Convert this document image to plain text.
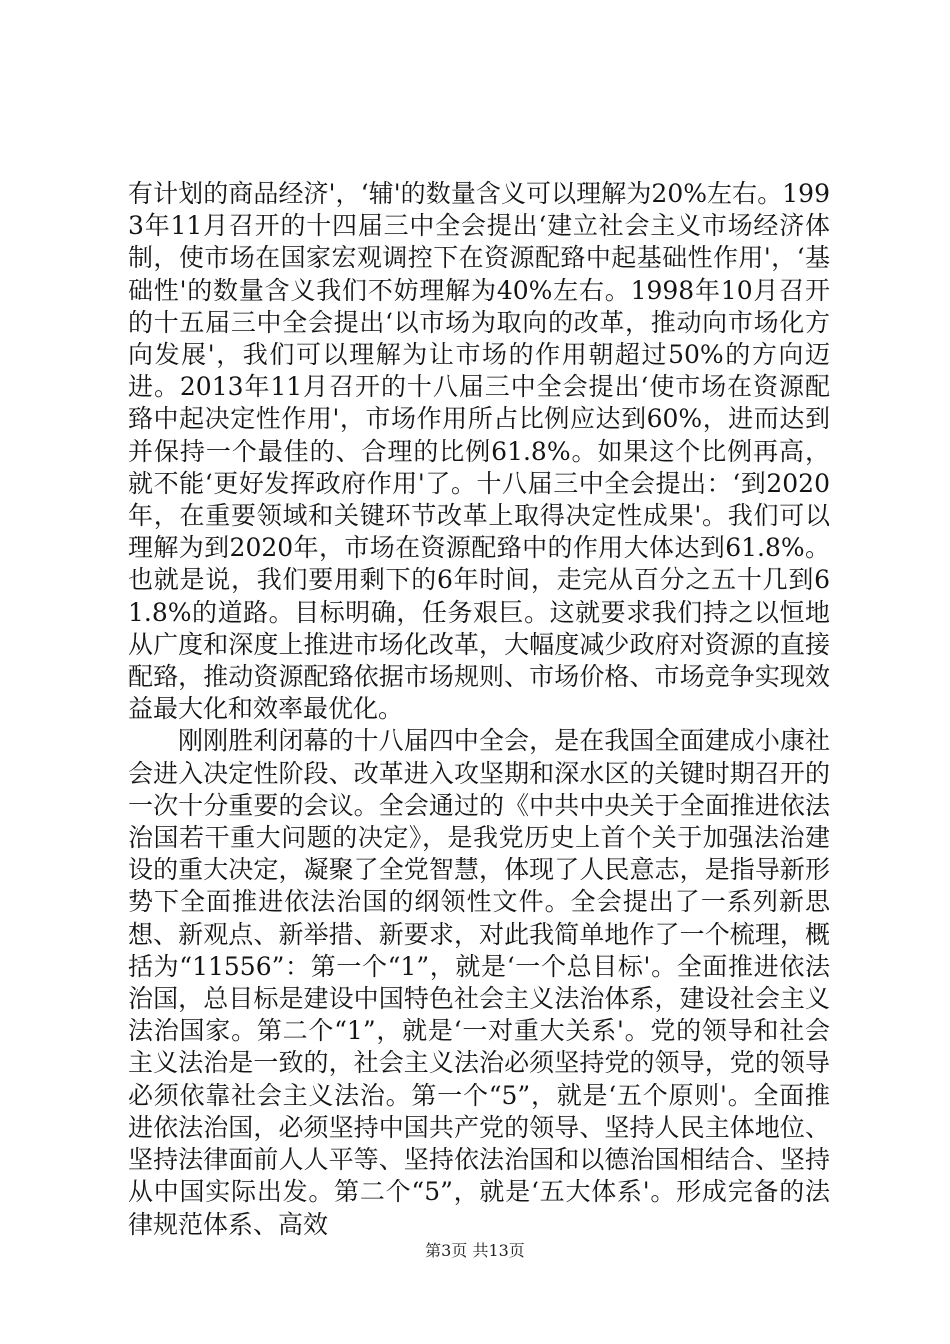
有计划的商品经济'，‘辅'的数量含义可以理解为20%左右。1993年11月召开的十四届三中全会提出‘建立社会主义市场经济体制，使市场在国家宏观调控下在资源配臵中起基础性作用'，‘基础性'的数量含义我们不妨理解为40%左右。1998年10月召开的十五届三中全会提出‘以市场为取向的改革，推动向市场化方向发展'，我们可以理解为让市场的作用朝超过50%的方向迈进。2013年11月召开的十八届三中全会提出‘使市场在资源配臵中起决定性作用'，市场作用所占比例应达到60%，进而达到并保持一个最佳的、合理的比例61.8%。如果这个比例再高，就不能‘更好发挥政府作用'了。十八届三中全会提出：‘到2020年，在重要领域和关键环节改革上取得决定性成果'。我们可以理解为到2020年，市场在资源配臵中的作用大体达到61.8%。也就是说，我们要用剩下的6年时间，走完从百分之五十几到61.8%的道路。目标明确，任务艰巨。这就要求我们持之以恒地从广度和深度上推进市场化改革，大幅度减少政府对资源的直接配臵，推动资源配臵依据市场规则、市场价格、市场竞争实现效益最大化和效率最优化。

刚刚胜利闭幕的十八届四中全会，是在我国全面建成小康社会进入决定性阶段、改革进入攻坚期和深水区的关键时期召开的一次十分重要的会议。全会通过的《中共中央关于全面推进依法治国若干重大问题的决定》，是我党历史上首个关于加强法治建设的重大决定，凝聚了全党智慧，体现了人民意志，是指导新形势下全面推进依法治国的纲领性文件。全会提出了一系列新思想、新观点、新举措、新要求，对此我简单地作了一个梳理，概括为“11556”：第一个“1”，就是‘一个总目标'。全面推进依法治国，总目标是建设中国特色社会主义法治体系，建设社会主义法治国家。第二个“1”，就是‘一对重大关系'。党的领导和社会主义法治是一致的，社会主义法治必须坚持党的领导，党的领导必须依靠社会主义法治。第一个“5”，就是‘五个原则'。全面推进依法治国，必须坚持中国共产党的领导、坚持人民主体地位、坚持法律面前人人平等、坚持依法治国和以德治国相结合、坚持从中国实际出发。第二个“5”，就是‘五大体系'。形成完备的法律规范体系、高效

第3页 共13页
